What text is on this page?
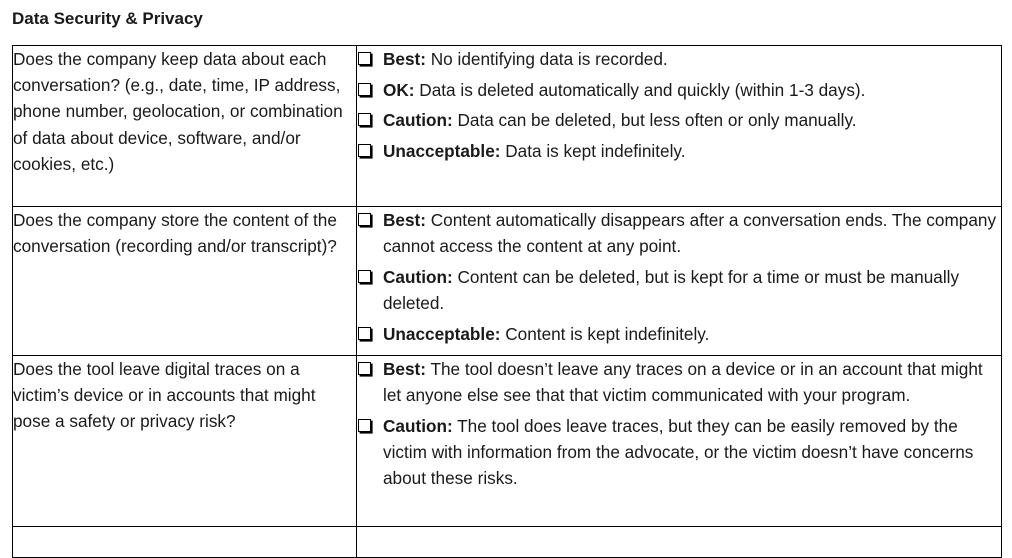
Data Security & Privacy
Does the company keep data about each conversation? (e.g., date, time, IP address, phone number, geolocation, or combination of data about device, software, and/or cookies, etc.)	Best: No identifying data is recorded.
OK: Data is deleted automatically and quickly (within 1-3 days).
Caution: Data can be deleted, but less often or only manually.
Unacceptable: Data is kept indefinitely.

Does the company store the content of the conversation (recording and/or transcript)?	Best: Content automatically disappears after a conversation ends. The company cannot access the content at any point.
Caution: Content can be deleted, but is kept for a time or must be manually deleted.
Unacceptable: Content is kept indefinitely.

Does the tool leave digital traces on a victim’s device or in accounts that might pose a safety or privacy risk?	Best: The tool doesn’t leave any traces on a device or in an account that might let anyone else see that that victim communicated with your program.
Caution: The tool does leave traces, but they can be easily removed by the victim with information from the advocate, or the victim doesn’t have concerns about these risks.
